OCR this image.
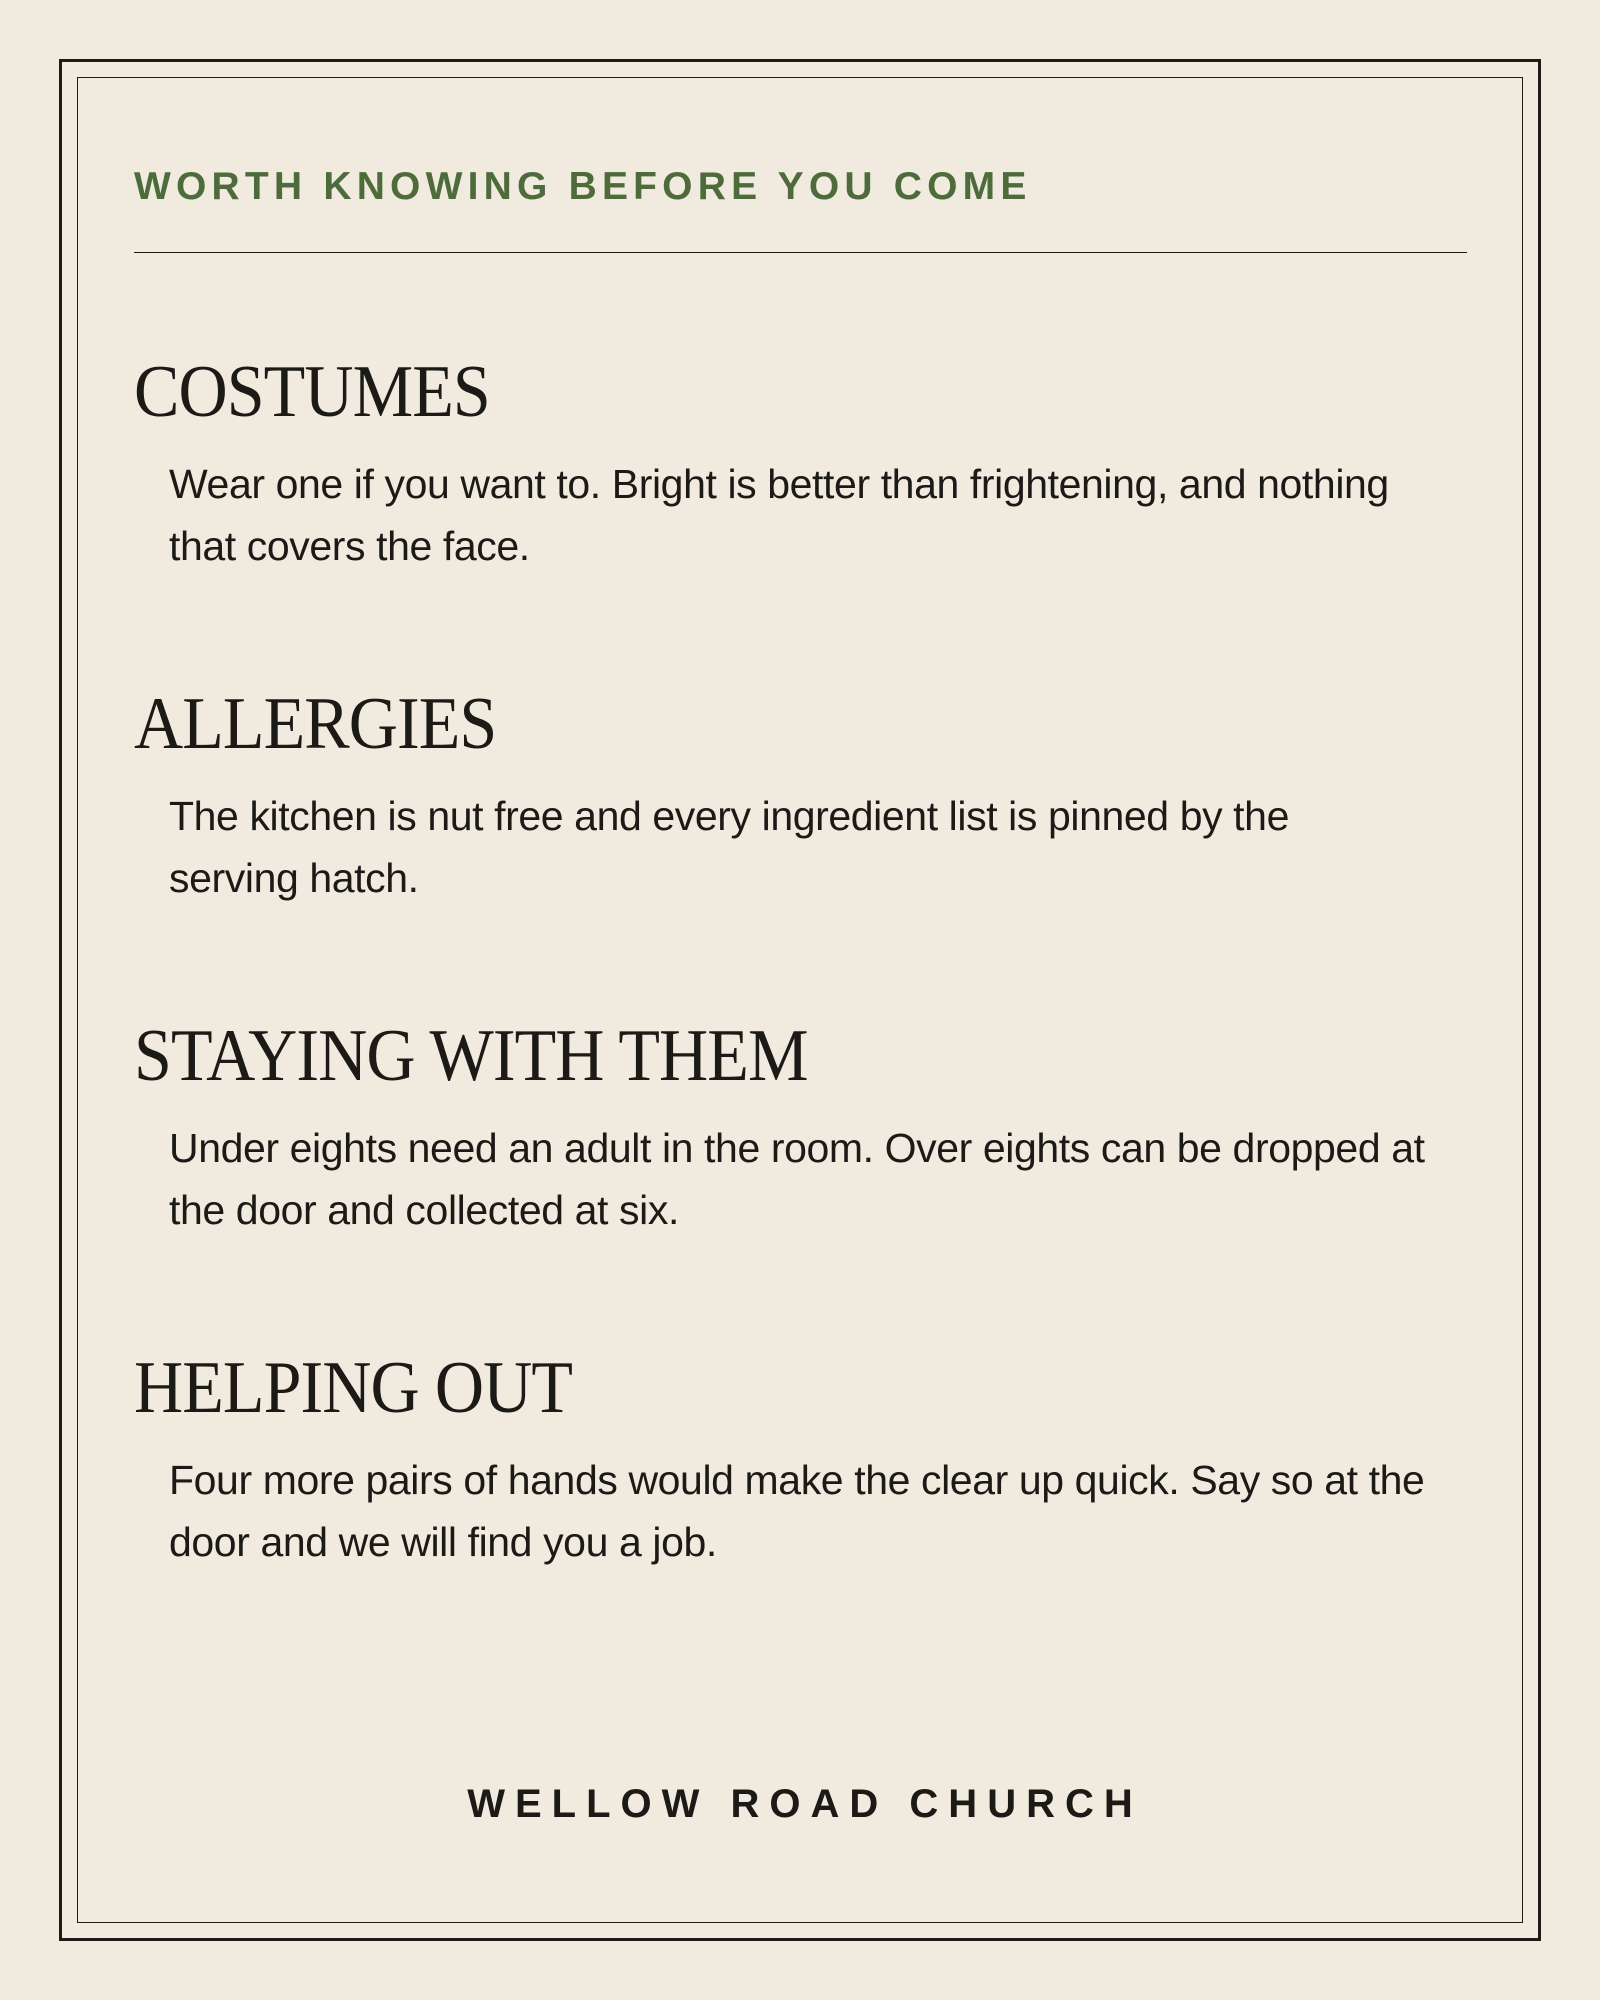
WORTH KNOWING BEFORE YOU COME
COSTUMES

Wear one if you want to. Bright is better than frightening, and nothing that covers the face.

ALLERGIES

The kitchen is nut free and every ingredient list is pinned by the serving hatch.

STAYING WITH THEM

Under eights need an adult in the room. Over eights can be dropped at the door and collected at six.

HELPING OUT

Four more pairs of hands would make the clear up quick. Say so at the door and we will find you a job.

WELLOW ROAD CHURCH
